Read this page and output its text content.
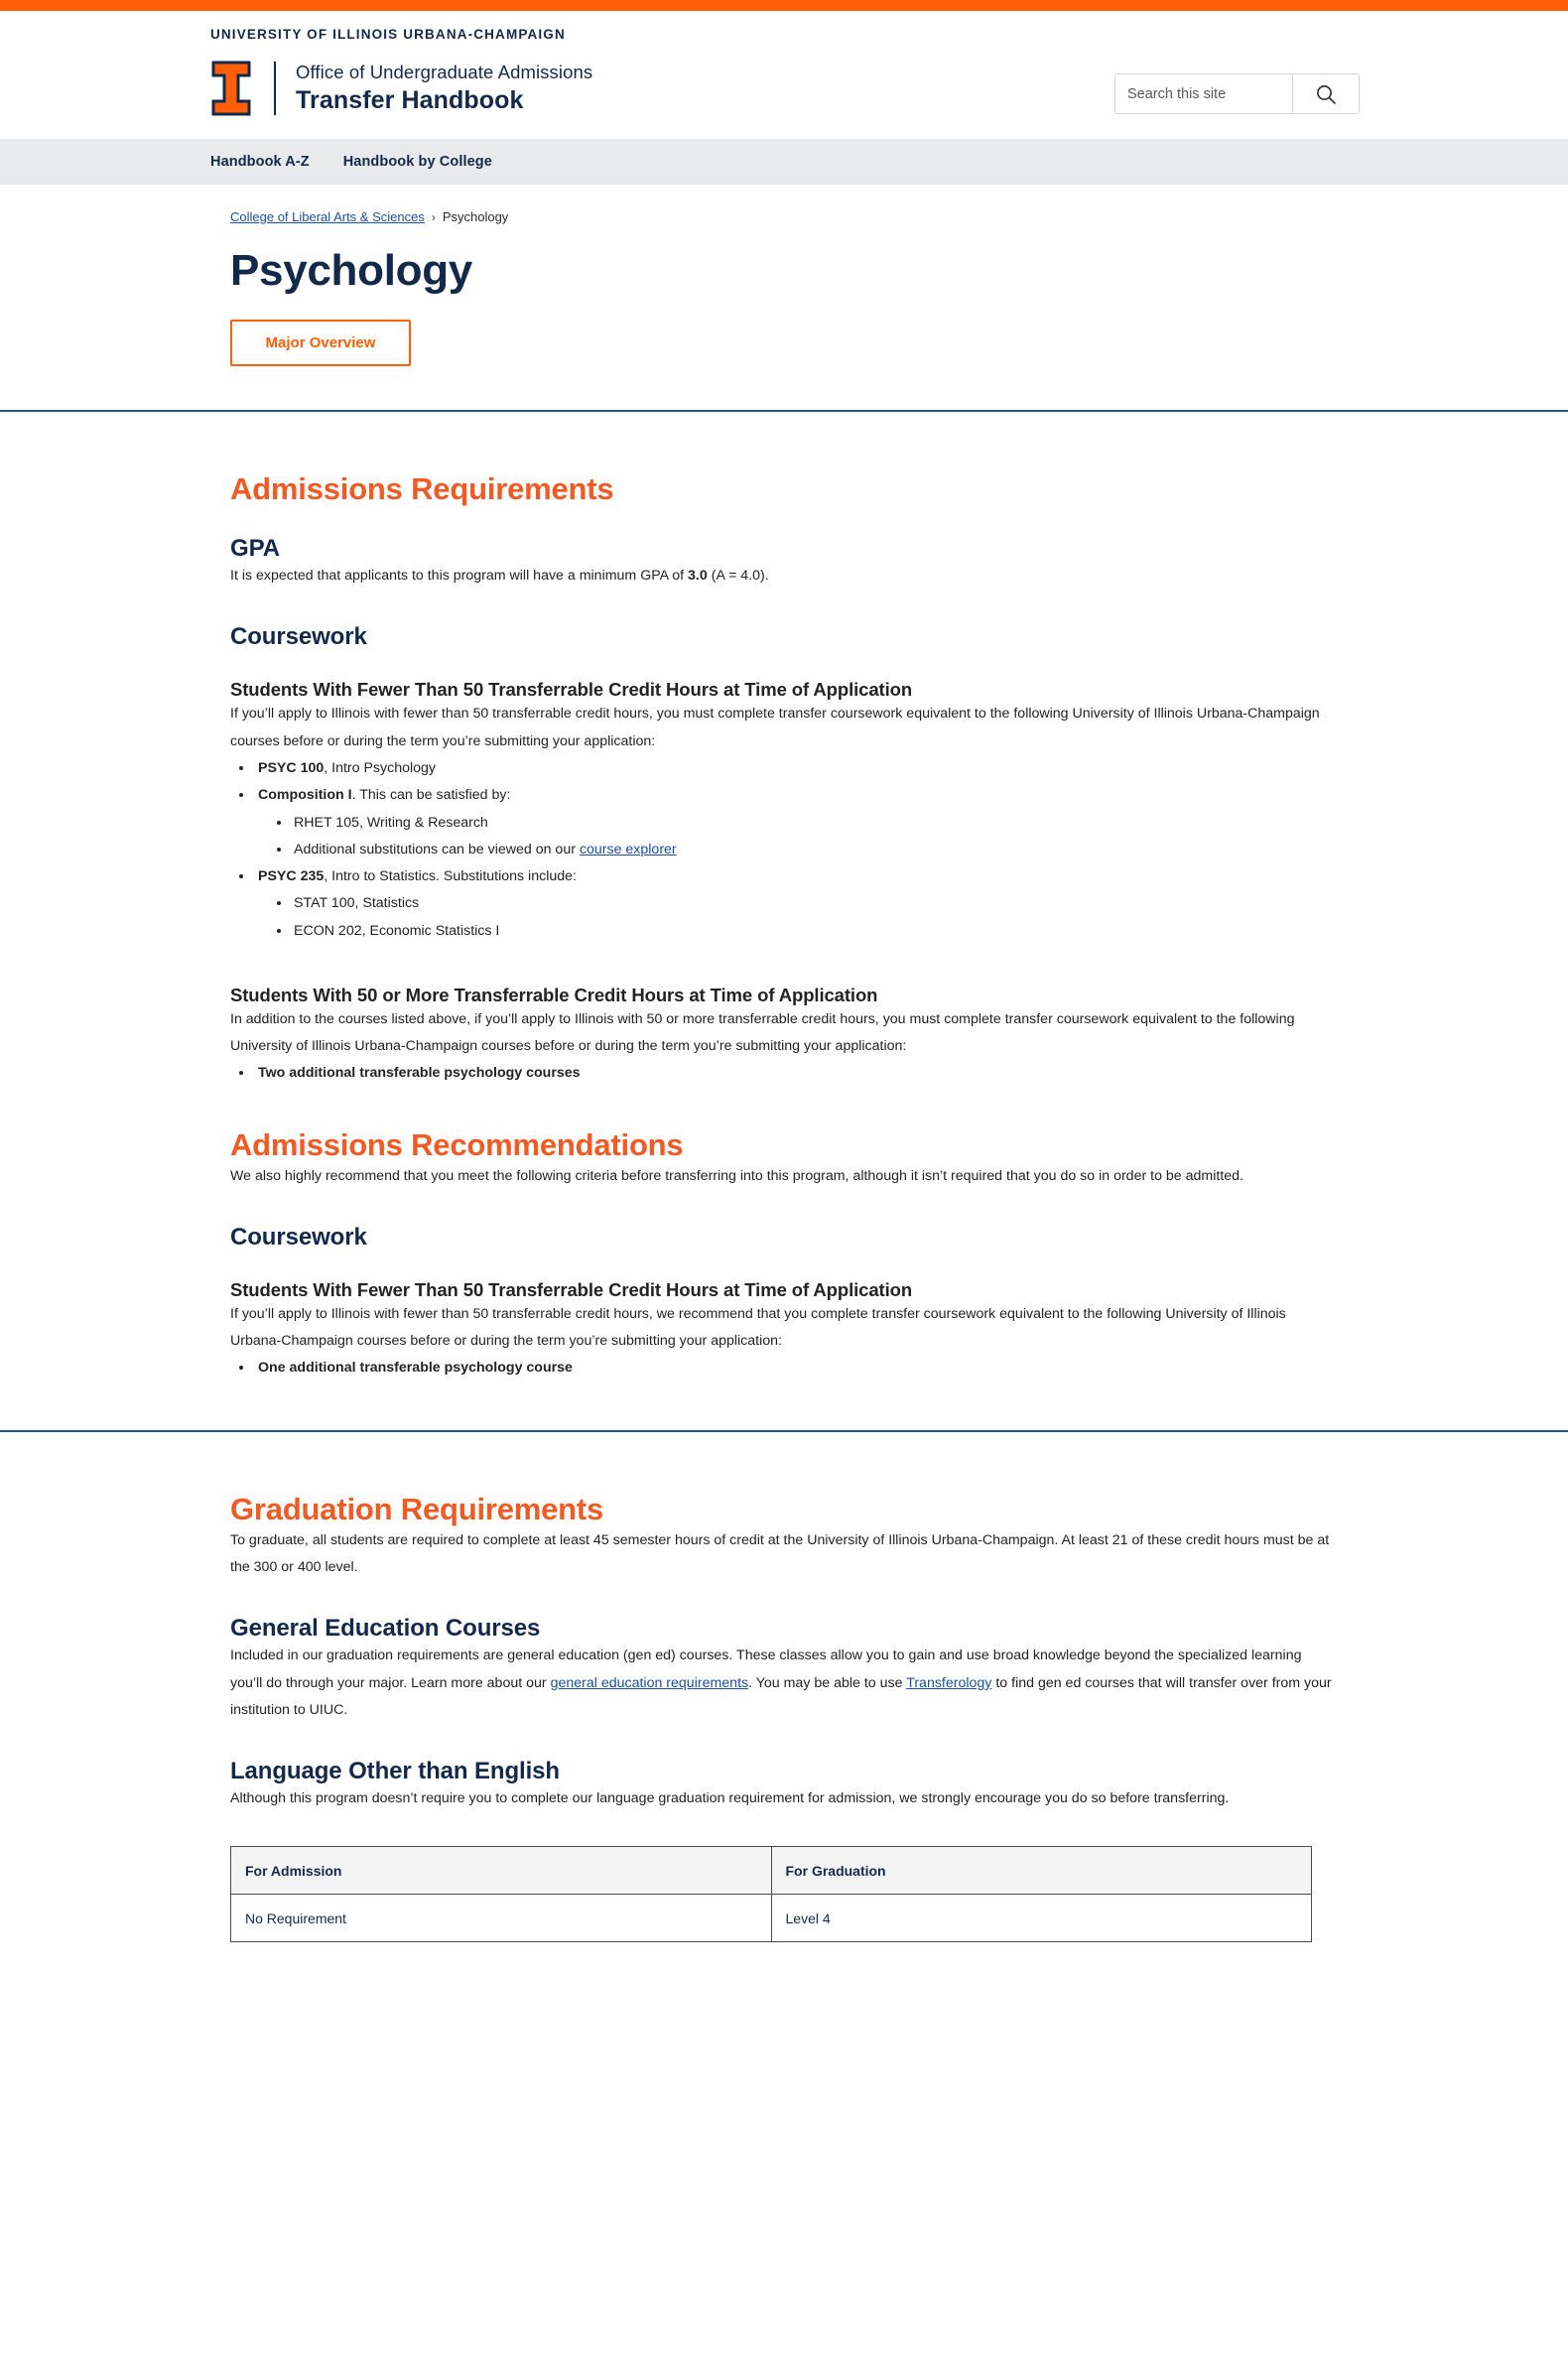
UNIVERSITY OF ILLINOIS URBANA-CHAMPAIGN
Office of Undergraduate Admissions
Transfer Handbook
Search this site
Handbook A-Z Handbook by College
College of Liberal Arts & Sciences › Psychology
Psychology
Major Overview
Admissions Requirements
GPA

It is expected that applicants to this program will have a minimum GPA of 3.0 (A = 4.0).

Coursework
Students With Fewer Than 50 Transferrable Credit Hours at Time of Application

If you’ll apply to Illinois with fewer than 50 transferrable credit hours, you must complete transfer coursework equivalent to the following University of Illinois Urbana-Champaign courses before or during the term you’re submitting your application:

• PSYC 100, Intro Psychology
• Composition I. This can be satisfied by:
• RHET 105, Writing & Research
• Additional substitutions can be viewed on our course explorer
• PSYC 235, Intro to Statistics. Substitutions include:
• STAT 100, Statistics
• ECON 202, Economic Statistics I
Students With 50 or More Transferrable Credit Hours at Time of Application

In addition to the courses listed above, if you’ll apply to Illinois with 50 or more transferrable credit hours, you must complete transfer coursework equivalent to the following University of Illinois Urbana-Champaign courses before or during the term you’re submitting your application:

• Two additional transferable psychology courses
Admissions Recommendations

We also highly recommend that you meet the following criteria before transferring into this program, although it isn’t required that you do so in order to be admitted.

Coursework
Students With Fewer Than 50 Transferrable Credit Hours at Time of Application

If you’ll apply to Illinois with fewer than 50 transferrable credit hours, we recommend that you complete transfer coursework equivalent to the following University of Illinois Urbana-Champaign courses before or during the term you’re submitting your application:

• One additional transferable psychology course
Graduation Requirements

To graduate, all students are required to complete at least 45 semester hours of credit at the University of Illinois Urbana-Champaign. At least 21 of these credit hours must be at the 300 or 400 level.

General Education Courses

Included in our graduation requirements are general education (gen ed) courses. These classes allow you to gain and use broad knowledge beyond the specialized learning you’ll do through your major. Learn more about our general education requirements. You may be able to use Transferology to find gen ed courses that will transfer over from your institution to UIUC.

Language Other than English

Although this program doesn’t require you to complete our language graduation requirement for admission, we strongly encourage you do so before transferring.

For Admission	For Graduation
No Requirement	Level 4
